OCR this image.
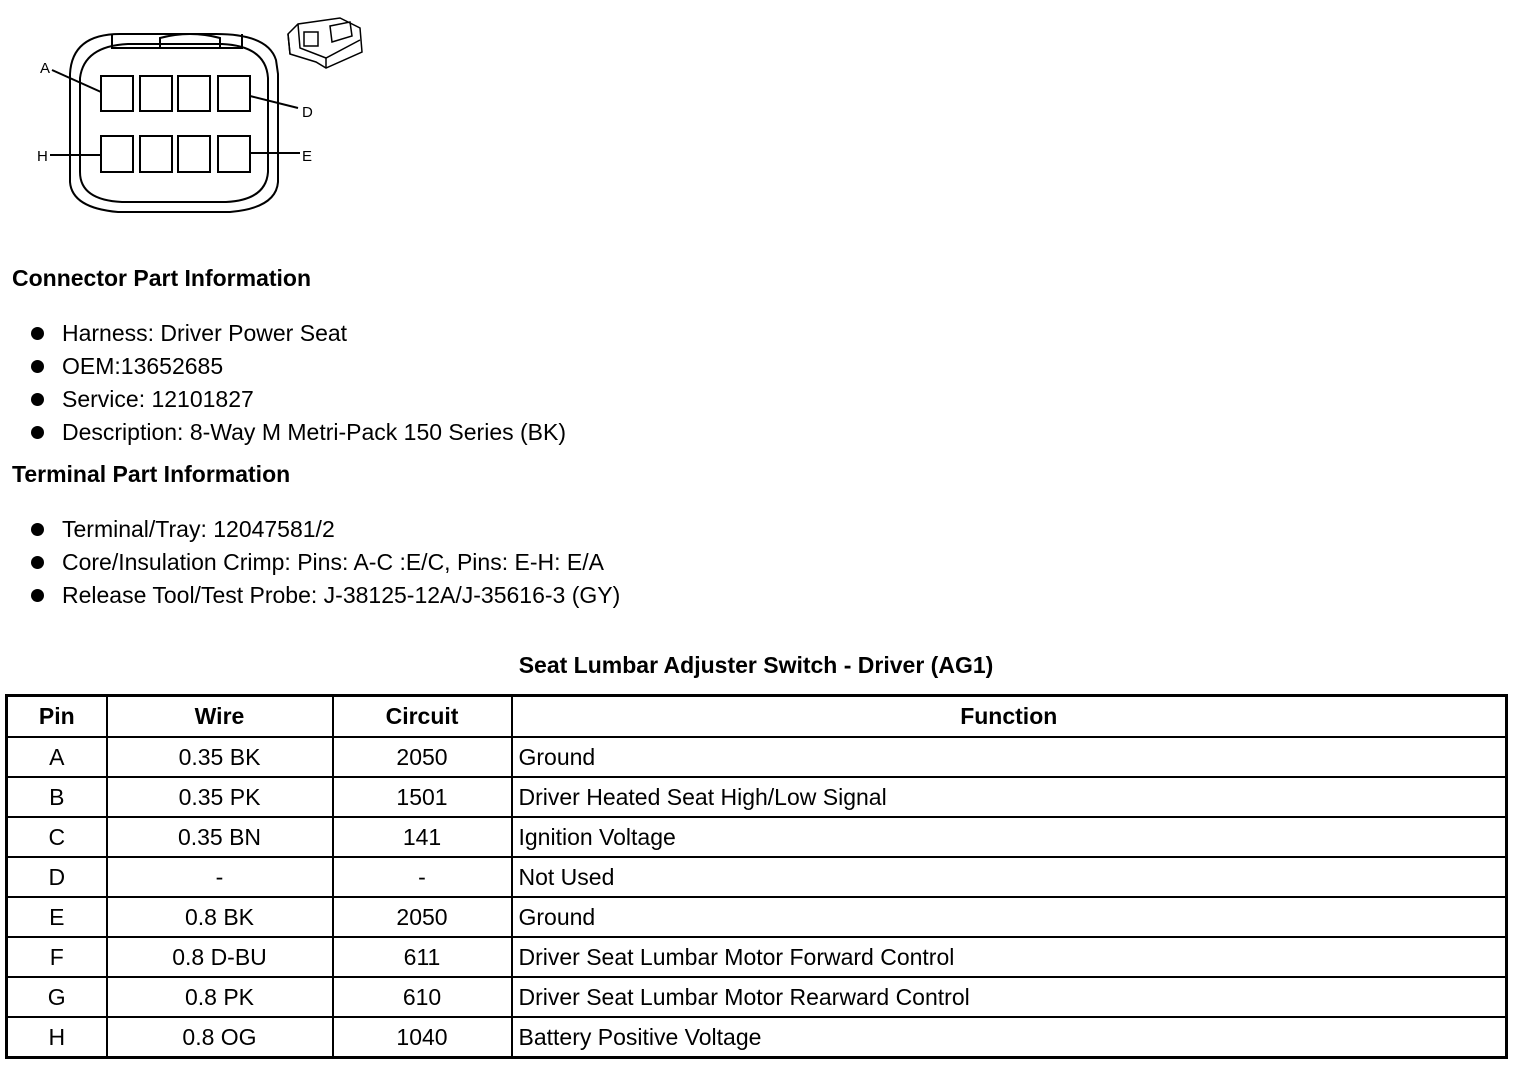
A
D
H	E
Connector Part Information
Harness: Driver Power Seat
OEM:13652685
Service: 12101827
Description: 8-Way M Metri-Pack 150 Series (BK)
Terminal Part Information
Terminal/Tray: 12047581/2
Core/Insulation Crimp: Pins: A-C :E/C, Pins: E-H: E/A
Release Tool/Test Probe: J-38125-12A/J-35616-3 (GY)
Seat Lumbar Adjuster Switch - Driver (AG1)
Pin	Wire	Circuit	Function
A	0.35 BK	2050	Ground
B	0.35 PK	1501	Driver Heated Seat High/Low Signal
C	0.35 BN	141	Ignition Voltage
D	-	-	Not Used
E	0.8 BK	2050	Ground
F	0.8 D-BU	611	Driver Seat Lumbar Motor Forward Control
G	0.8 PK	610	Driver Seat Lumbar Motor Rearward Control
H	0.8 OG	1040	Battery Positive Voltage
